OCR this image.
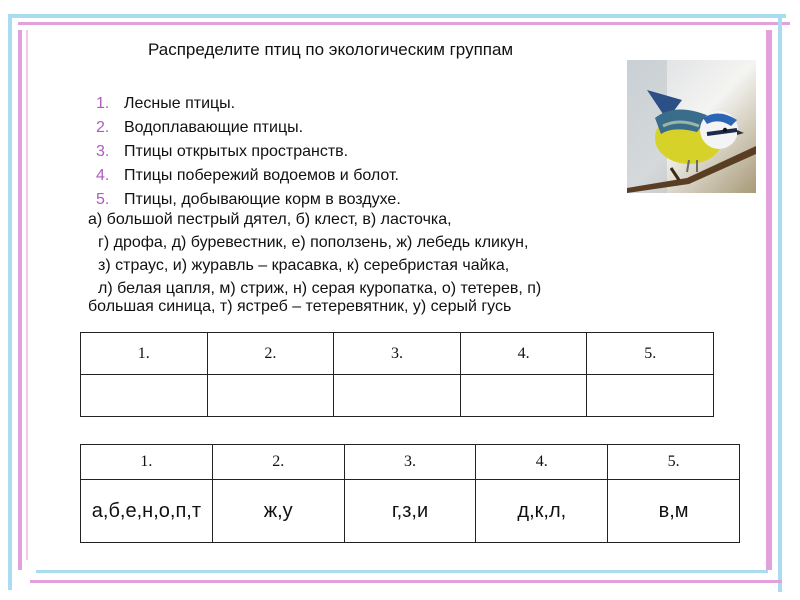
Распределите птиц по экологическим группам
1. Лесные птицы.
2. Водоплавающие птицы.
3. Птицы открытых пространств.
4. Птицы побережий водоемов и болот.
5. Птицы, добывающие корм в воздухе.
а) большой пестрый дятел, б) клест, в) ласточка,
г) дрофа, д) буревестник, е) поползень, ж) лебедь кликун,
з) страус, и) журавль – красавка, к) серебристая чайка,
л) белая цапля, м) стриж, н) серая куропатка, о) тетерев, п)
большая синица, т) ястреб – тетеревятник, у) серый гусь
1.	2.	3.	4.	5.

1.	2.	3.	4.	5.
а,б,е,н,о,п,т	ж,у	г,з,и	д,к,л,	в,м
